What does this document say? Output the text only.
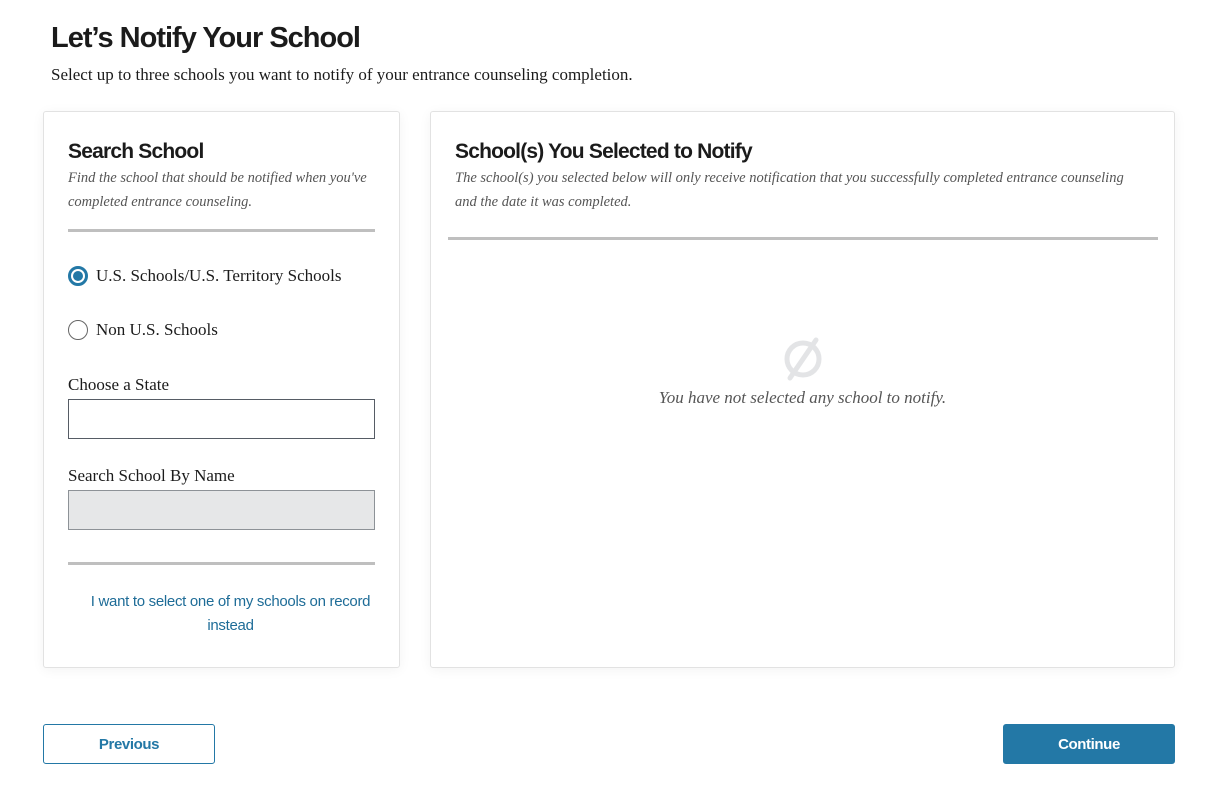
Let’s Notify Your School
Select up to three schools you want to notify of your entrance counseling completion.
Search School
Find the school that should be notified when you've completed entrance counseling.
U.S. Schools/U.S. Territory Schools
Non U.S. Schools
Choose a State
Search School By Name
I want to select one of my schools on record instead
School(s) You Selected to Notify
The school(s) you selected below will only receive notification that you successfully completed entrance counseling and the date it was completed.
You have not selected any school to notify.
Previous	Continue
